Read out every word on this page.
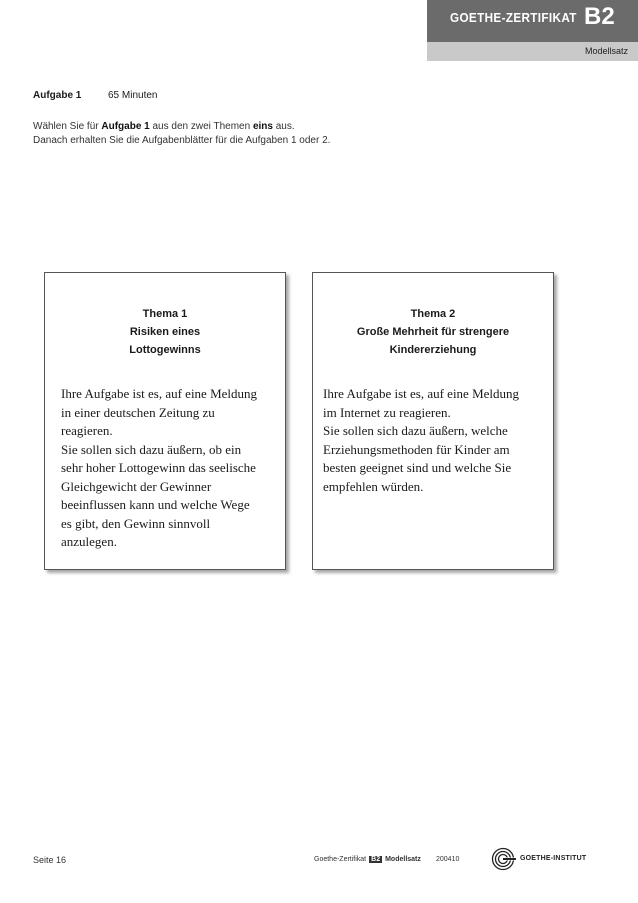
GOETHE-ZERTIFIKAT B2
Modellsatz
Aufgabe 1	65 Minuten
Wählen Sie für Aufgabe 1 aus den zwei Themen eins aus.
Danach erhalten Sie die Aufgabenblätter für die Aufgaben 1 oder 2.
Thema 1
Risiken eines
Lottogewinns
Ihre Aufgabe ist es, auf eine Meldung
in einer deutschen Zeitung zu
reagieren.
Sie sollen sich dazu äußern, ob ein
sehr hoher Lottogewinn das seelische
Gleichgewicht der Gewinner
beeinflussen kann und welche Wege
es gibt, den Gewinn sinnvoll
anzulegen.
Thema 2
Große Mehrheit für strengere
Kindererziehung
Ihre Aufgabe ist es, auf eine Meldung
im Internet zu reagieren.
Sie sollen sich dazu äußern, welche
Erziehungsmethoden für Kinder am
besten geeignet sind und welche Sie
empfehlen würden.
Seite 16	Goethe-Zertifikat B2 Modellsatz 200410	GOETHE-INSTITUT
